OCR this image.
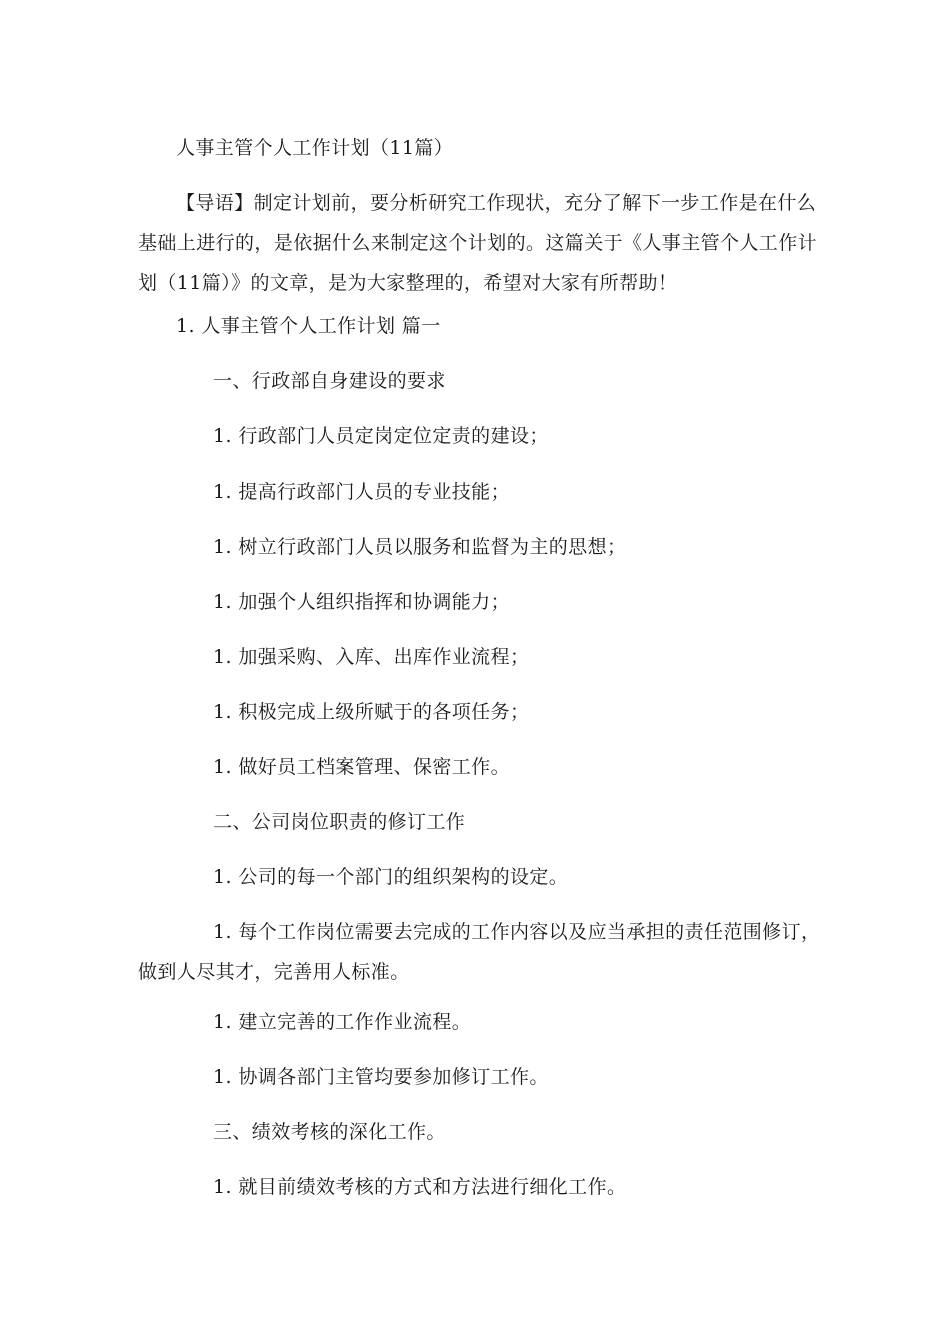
人事主管个人工作计划（11篇）
【导语】制定计划前，要分析研究工作现状，充分了解下一步工作是在什么
基础上进行的，是依据什么来制定这个计划的。这篇关于《人事主管个人工作计
划（11篇）》的文章，是为大家整理的，希望对大家有所帮助！
1. 人事主管个人工作计划 篇一
一、行政部自身建设的要求
1. 行政部门人员定岗定位定责的建设；
1. 提高行政部门人员的专业技能；
1. 树立行政部门人员以服务和监督为主的思想；
1. 加强个人组织指挥和协调能力；
1. 加强采购、入库、出库作业流程；
1. 积极完成上级所赋于的各项任务；
1. 做好员工档案管理、保密工作。
二、公司岗位职责的修订工作
1. 公司的每一个部门的组织架构的设定。
1. 每个工作岗位需要去完成的工作内容以及应当承担的责任范围修订，
做到人尽其才，完善用人标准。
1. 建立完善的工作作业流程。
1. 协调各部门主管均要参加修订工作。
三、绩效考核的深化工作。
1. 就目前绩效考核的方式和方法进行细化工作。
